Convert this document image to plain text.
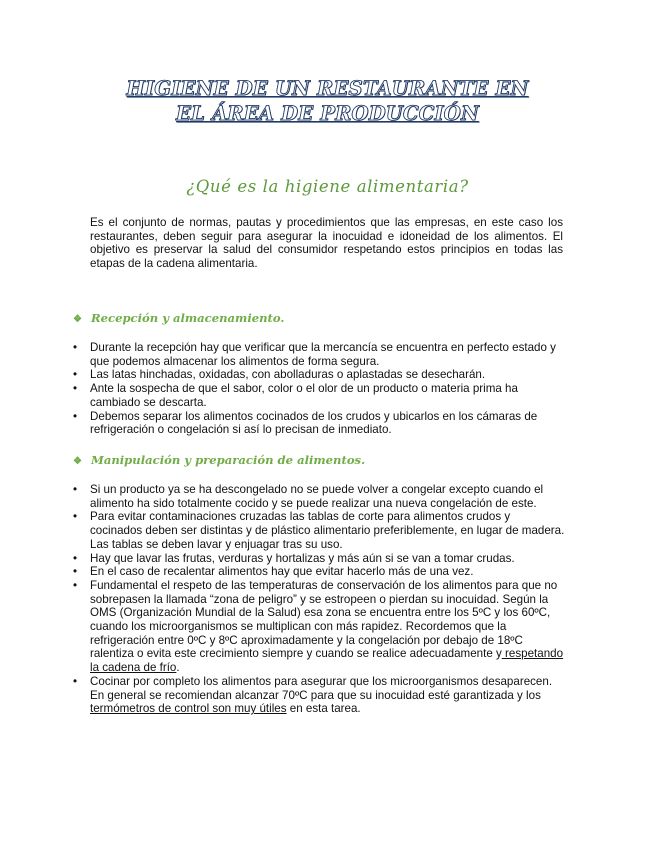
HIGIENE DE UN RESTAURANTE EN
EL ÁREA DE PRODUCCIÓN
¿Qué es la higiene alimentaria?

Es el conjunto de normas, pautas y procedimientos que las empresas, en este caso los restaurantes, deben seguir para asegurar la inocuidad e idoneidad de los alimentos. El objetivo es preservar la salud del consumidor respetando estos principios en todas las etapas de la cadena alimentaria.

❖ Recepción y almacenamiento.
• Durante la recepción hay que verificar que la mercancía se encuentra en perfecto estado y que podemos almacenar los alimentos de forma segura.
• Las latas hinchadas, oxidadas, con abolladuras o aplastadas se desecharán.
• Ante la sospecha de que el sabor, color o el olor de un producto o materia prima ha cambiado se descarta.
• Debemos separar los alimentos cocinados de los crudos y ubicarlos en los cámaras de refrigeración o congelación si así lo precisan de inmediato.
❖ Manipulación y preparación de alimentos.
• Si un producto ya se ha descongelado no se puede volver a congelar excepto cuando el alimento ha sido totalmente cocido y se puede realizar una nueva congelación de este.
• Para evitar contaminaciones cruzadas las tablas de corte para alimentos crudos y cocinados deben ser distintas y de plástico alimentario preferiblemente, en lugar de madera. Las tablas se deben lavar y enjuagar tras su uso.
• Hay que lavar las frutas, verduras y hortalizas y más aún si se van a tomar crudas.
• En el caso de recalentar alimentos hay que evitar hacerlo más de una vez.
• Fundamental el respeto de las temperaturas de conservación de los alimentos para que no sobrepasen la llamada “zona de peligro” y se estropeen o pierdan su inocuidad. Según la OMS (Organización Mundial de la Salud) esa zona se encuentra entre los 5ºC y los 60ºC, cuando los microorganismos se multiplican con más rapidez. Recordemos que la refrigeración entre 0ºC y 8ºC aproximadamente y la congelación por debajo de 18ºC ralentiza o evita este crecimiento siempre y cuando se realice adecuadamente y respetando la cadena de frío.
• Cocinar por completo los alimentos para asegurar que los microorganismos desaparecen. En general se recomiendan alcanzar 70ºC para que su inocuidad esté garantizada y los termómetros de control son muy útiles en esta tarea.
